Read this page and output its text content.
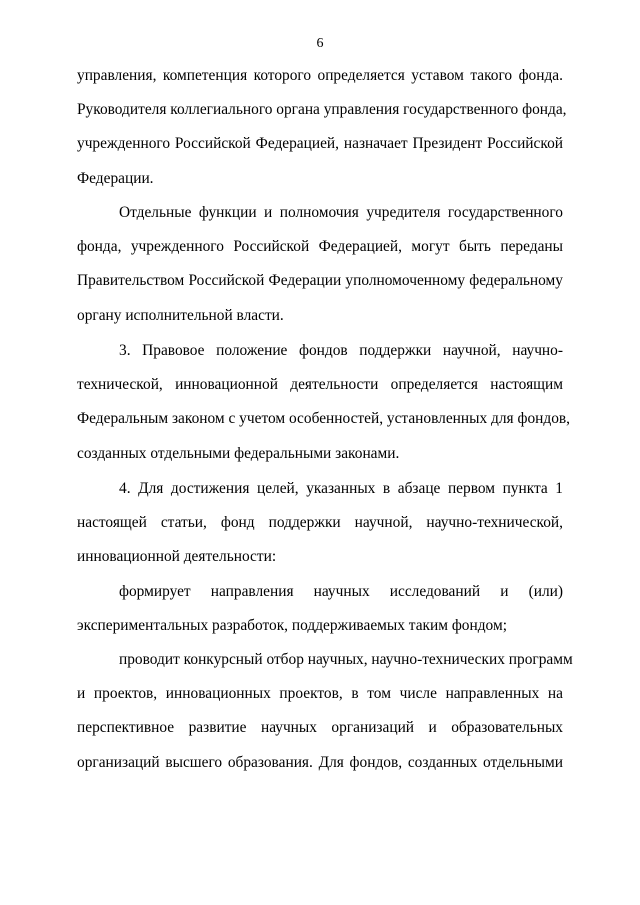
6
управления, компетенция которого определяется уставом такого фонда.
Руководителя коллегиального органа управления государственного фонда,
учрежденного Российской Федерацией, назначает Президент Российской
Федерации.
Отдельные функции и полномочия учредителя государственного
фонда, учрежденного Российской Федерацией, могут быть переданы
Правительством Российской Федерации уполномоченному федеральному
органу исполнительной власти.
3. Правовое положение фондов поддержки научной, научно-
технической, инновационной деятельности определяется настоящим
Федеральным законом с учетом особенностей, установленных для фондов,
созданных отдельными федеральными законами.
4. Для достижения целей, указанных в абзаце первом пункта 1
настоящей статьи, фонд поддержки научной, научно-технической,
инновационной деятельности:
формирует направления научных исследований и (или)
экспериментальных разработок, поддерживаемых таким фондом;
проводит конкурсный отбор научных, научно-технических программ
и проектов, инновационных проектов, в том числе направленных на
перспективное развитие научных организаций и образовательных
организаций высшего образования. Для фондов, созданных отдельными
